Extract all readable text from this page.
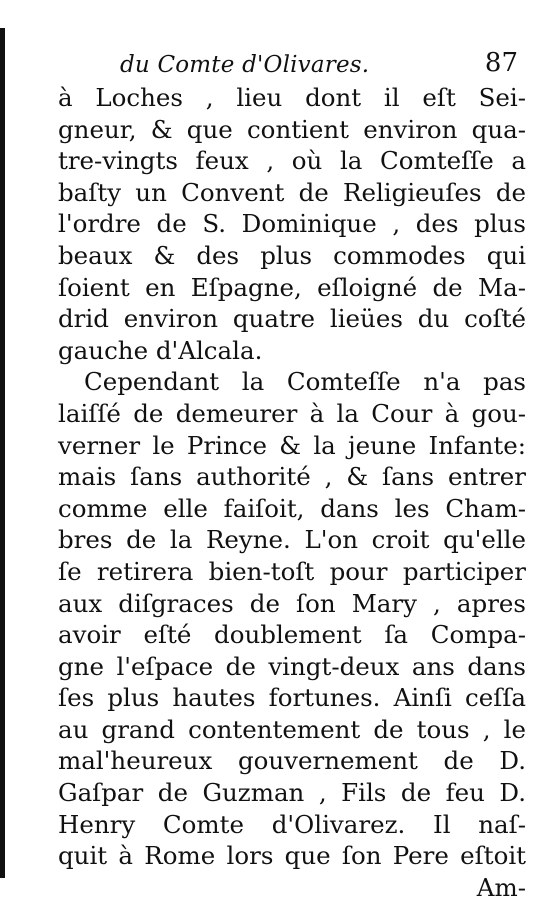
du Comte d'Olivares.	87
à Loches , lieu dont il eſt Sei-
gneur, & que contient environ qua-
tre-vingts feux , où la Comteſſe a
baſty un Convent de Religieuſes de
l'ordre de S. Dominique , des plus
beaux & des plus commodes qui
ſoient en Eſpagne, eſloigné de Ma-
drid environ quatre lieües du coſté
gauche d'Alcala.
Cependant la Comteſſe n'a pas
laiſſé de demeurer à la Cour à gou-
verner le Prince & la jeune Infante:
mais ſans authorité , & ſans entrer
comme elle faiſoit, dans les Cham-
bres de la Reyne. L'on croit qu'elle
ſe retirera bien-toſt pour participer
aux diſgraces de ſon Mary , apres
avoir eſté doublement ſa Compa-
gne l'eſpace de vingt-deux ans dans
ſes plus hautes fortunes. Ainſi ceſſa
au grand contentement de tous , le
mal'heureux gouvernement de D.
Gaſpar de Guzman , Fils de feu D.
Henry Comte d'Olivarez. Il naſ-
quit à Rome lors que ſon Pere eſtoit
Am-
